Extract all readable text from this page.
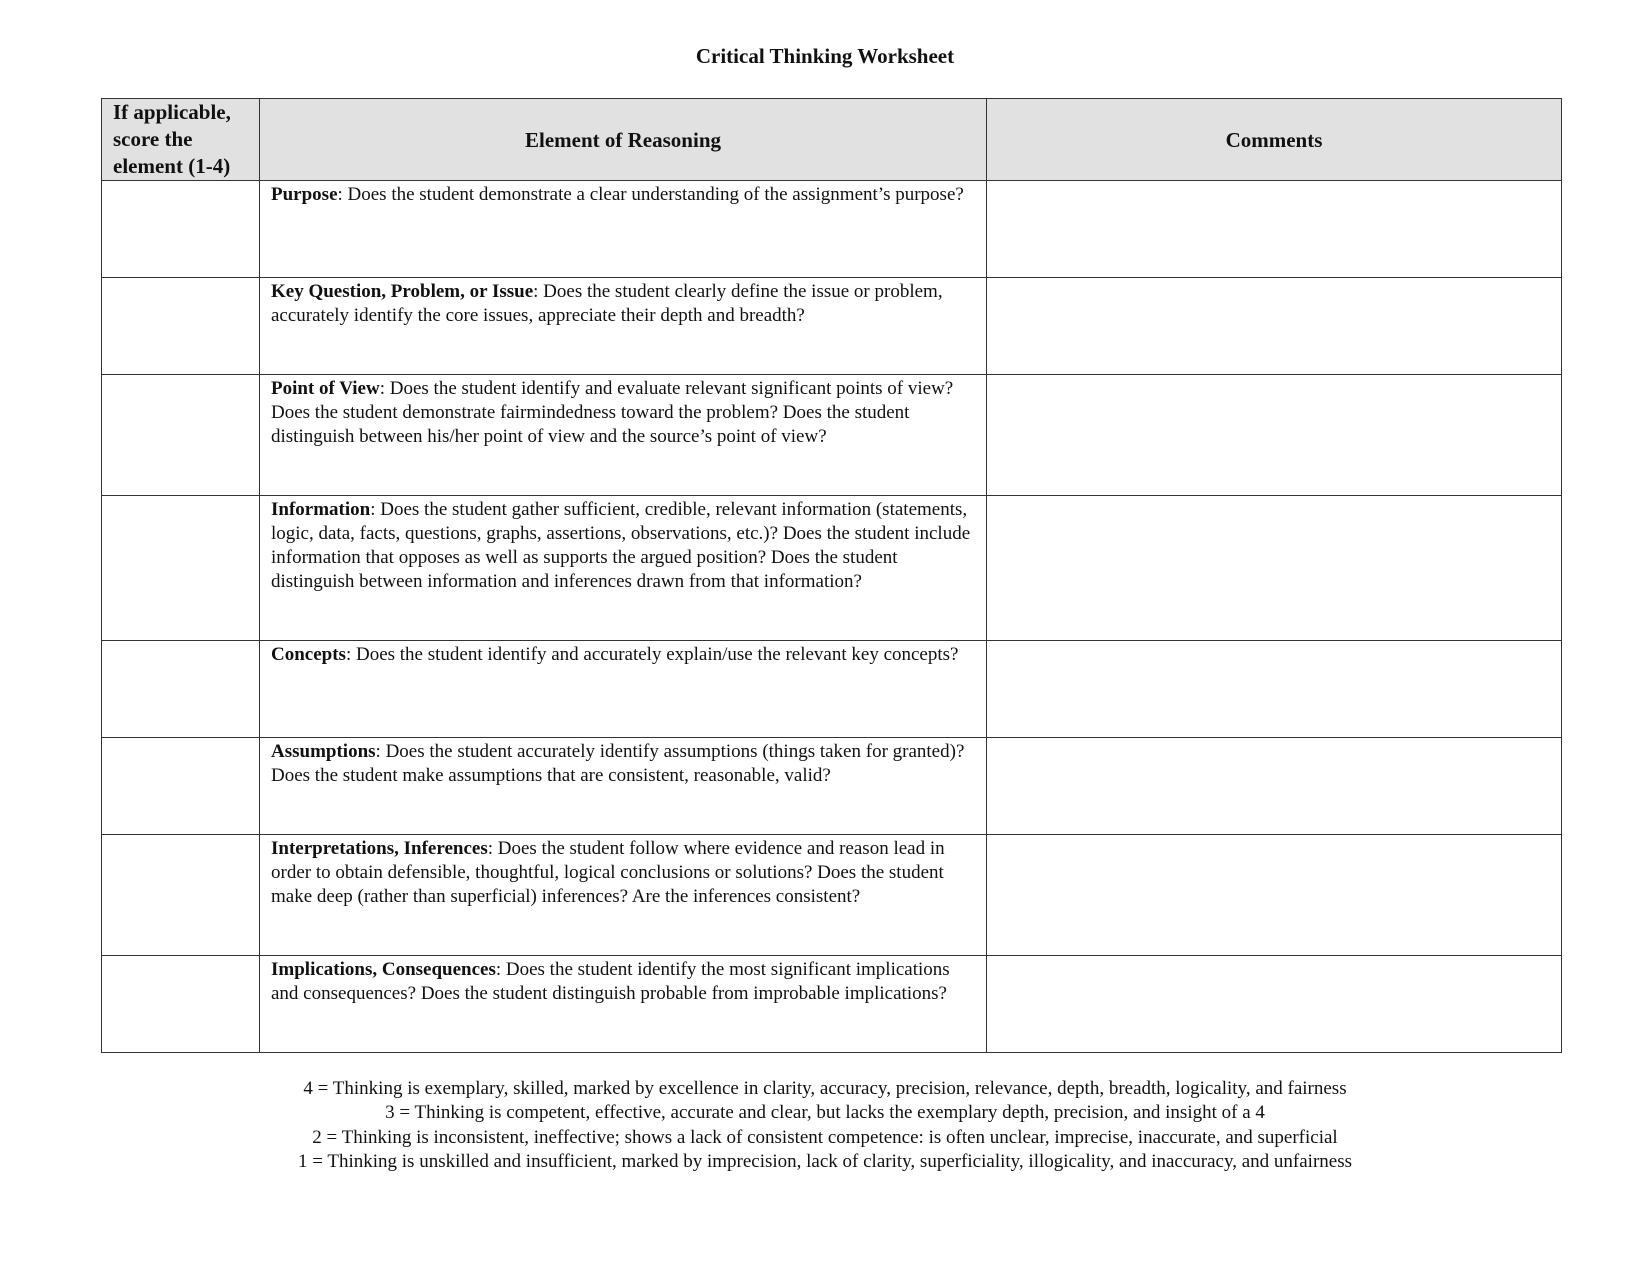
Critical Thinking Worksheet
If applicable, score the element (1-4)	Element of Reasoning	Comments
	Purpose: Does the student demonstrate a clear understanding of the assignment’s purpose?	
	Key Question, Problem, or Issue: Does the student clearly define the issue or problem, accurately identify the core issues, appreciate their depth and breadth?	
	Point of View: Does the student identify and evaluate relevant significant points of view? Does the student demonstrate fairmindedness toward the problem? Does the student distinguish between his/her point of view and the source’s point of view?	
	Information: Does the student gather sufficient, credible, relevant information (statements, logic, data, facts, questions, graphs, assertions, observations, etc.)? Does the student include information that opposes as well as supports the argued position? Does the student distinguish between information and inferences drawn from that information?	
	Concepts: Does the student identify and accurately explain/use the relevant key concepts?	
	Assumptions: Does the student accurately identify assumptions (things taken for granted)? Does the student make assumptions that are consistent, reasonable, valid?	
	Interpretations, Inferences: Does the student follow where evidence and reason lead in order to obtain defensible, thoughtful, logical conclusions or solutions? Does the student make deep (rather than superficial) inferences? Are the inferences consistent?	
	Implications, Consequences: Does the student identify the most significant implications and consequences? Does the student distinguish probable from improbable implications?	
4 = Thinking is exemplary, skilled, marked by excellence in clarity, accuracy, precision, relevance, depth, breadth, logicality, and fairness
3 = Thinking is competent, effective, accurate and clear, but lacks the exemplary depth, precision, and insight of a 4
2 = Thinking is inconsistent, ineffective; shows a lack of consistent competence: is often unclear, imprecise, inaccurate, and superficial
1 = Thinking is unskilled and insufficient, marked by imprecision, lack of clarity, superficiality, illogicality, and inaccuracy, and unfairness
